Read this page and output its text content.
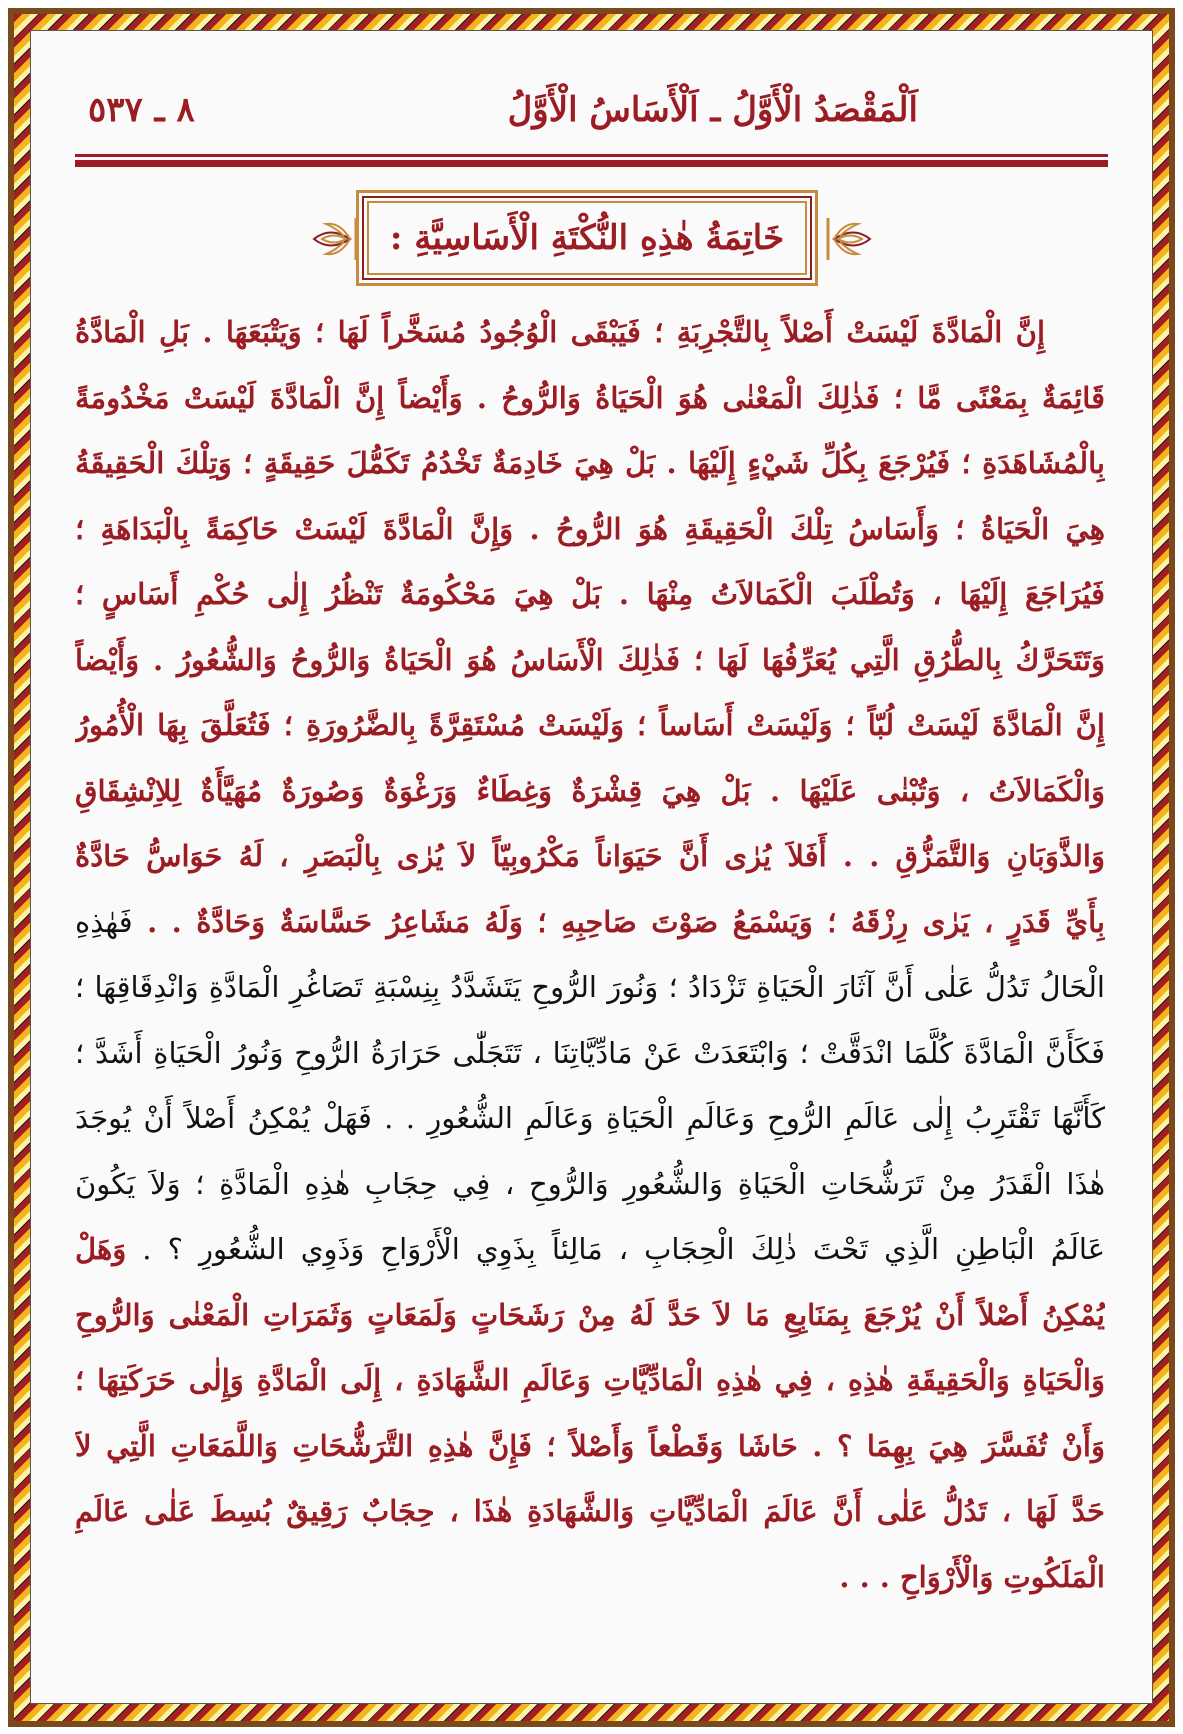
اَلْمَقْصَدُ الْأَوَّلُ ـ اَلْأَسَاسُ الْأَوَّلُ
٨ ـ ٥٣٧
خَاتِمَةُ هٰذِهِ النُّكْتَةِ الْأَسَاسِيَّةِ :
إِنَّ الْمَادَّةَ لَيْسَتْ أَصْلاً بِالتَّجْرِبَةِ ؛ فَيَبْقَى الْوُجُودُ مُسَخَّراً لَهَا ؛ وَيَتْبَعَهَا . بَلِ الْمَادَّةُ
قَائِمَةٌ بِمَعْنًى مَّا ؛ فَذٰلِكَ الْمَعْنٰى هُوَ الْحَيَاةُ وَالرُّوحُ . وَأَيْضاً إِنَّ الْمَادَّةَ لَيْسَتْ مَخْدُومَةً
بِالْمُشَاهَدَةِ ؛ فَيُرْجَعَ بِكُلِّ شَيْءٍ إِلَيْهَا . بَلْ هِيَ خَادِمَةٌ تَخْدُمُ تَكَمُّلَ حَقِيقَةٍ ؛ وَتِلْكَ الْحَقِيقَةُ
هِيَ الْحَيَاةُ ؛ وَأَسَاسُ تِلْكَ الْحَقِيقَةِ هُوَ الرُّوحُ . وَإِنَّ الْمَادَّةَ لَيْسَتْ حَاكِمَةً بِالْبَدَاهَةِ ؛
فَيُرَاجَعَ إِلَيْهَا ، وَتُطْلَبَ الْكَمَالاَتُ مِنْهَا . بَلْ هِيَ مَحْكُومَةٌ تَنْظُرُ إِلٰى حُكْمِ أَسَاسٍ ؛
وَتَتَحَرَّكُ بِالطُّرُقِ الَّتِي يُعَرِّفُهَا لَهَا ؛ فَذٰلِكَ الْأَسَاسُ هُوَ الْحَيَاةُ وَالرُّوحُ وَالشُّعُورُ . وَأَيْضاً
إِنَّ الْمَادَّةَ لَيْسَتْ لُبّاً ؛ وَلَيْسَتْ أَسَاساً ؛ وَلَيْسَتْ مُسْتَقِرَّةً بِالضَّرُورَةِ ؛ فَتُعَلَّقَ بِهَا الْأُمُورُ
وَالْكَمَالاَتُ ، وَتُبْنٰى عَلَيْهَا . بَلْ هِيَ قِشْرَةٌ وَغِطَاءٌ وَرَغْوَةٌ وَصُورَةٌ مُهَيَّأَةٌ لِلاِنْشِقَاقِ
وَالذَّوَبَانِ وَالتَّمَزُّقِ . . أَفَلاَ يُرٰى أَنَّ حَيَوَاناً مَكْرُوبِيّاً لاَ يُرٰى بِالْبَصَرِ ، لَهُ حَوَاسُّ حَادَّةٌ
بِأَيِّ قَدَرٍ ، يَرٰى رِزْقَهُ ؛ وَيَسْمَعُ صَوْتَ صَاحِبِهِ ؛ وَلَهُ مَشَاعِرُ حَسَّاسَةٌ وَحَادَّةٌ . . فَهٰذِهِ
الْحَالُ تَدُلُّ عَلٰى أَنَّ آثَارَ الْحَيَاةِ تَزْدَادُ ؛ وَنُورَ الرُّوحِ يَتَشَدَّدُ بِنِسْبَةِ تَصَاغُرِ الْمَادَّةِ وَانْدِقَاقِهَا ؛
فَكَأَنَّ الْمَادَّةَ كُلَّمَا انْدَقَّتْ ؛ وَابْتَعَدَتْ عَنْ مَادِّيَّاتِنَا ، تَتَجَلّٰى حَرَارَةُ الرُّوحِ وَنُورُ الْحَيَاةِ أَشَدَّ ؛
كَأَنَّهَا تَقْتَرِبُ إِلٰى عَالَمِ الرُّوحِ وَعَالَمِ الْحَيَاةِ وَعَالَمِ الشُّعُورِ . . فَهَلْ يُمْكِنُ أَصْلاً أَنْ يُوجَدَ
هٰذَا الْقَدَرُ مِنْ تَرَشُّحَاتِ الْحَيَاةِ وَالشُّعُورِ وَالرُّوحِ ، فِي حِجَابِ هٰذِهِ الْمَادَّةِ ؛ وَلاَ يَكُونَ
عَالَمُ الْبَاطِنِ الَّذِي تَحْتَ ذٰلِكَ الْحِجَابِ ، مَالِئاً بِذَوِي الْأَرْوَاحِ وَذَوِي الشُّعُورِ ؟ . وَهَلْ
يُمْكِنُ أَصْلاً أَنْ يُرْجَعَ بِمَنَابِعِ مَا لاَ حَدَّ لَهُ مِنْ رَشَحَاتٍ وَلَمَعَاتٍ وَثَمَرَاتِ الْمَعْنٰى وَالرُّوحِ
وَالْحَيَاةِ وَالْحَقِيقَةِ هٰذِهِ ، فِي هٰذِهِ الْمَادِّيَّاتِ وَعَالَمِ الشَّهَادَةِ ، إِلَى الْمَادَّةِ وَإِلٰى حَرَكَتِهَا ؛
وَأَنْ تُفَسَّرَ هِيَ بِهِمَا ؟ . حَاشَا وَقَطْعاً وَأَصْلاً ؛ فَإِنَّ هٰذِهِ التَّرَشُّحَاتِ وَاللَّمَعَاتِ الَّتِي لاَ
حَدَّ لَهَا ، تَدُلُّ عَلٰى أَنَّ عَالَمَ الْمَادِّيَّاتِ وَالشَّهَادَةِ هٰذَا ، حِجَابٌ رَقِيقٌ بُسِطَ عَلٰى عَالَمِ
الْمَلَكُوتِ وَالْأَرْوَاحِ . . .
